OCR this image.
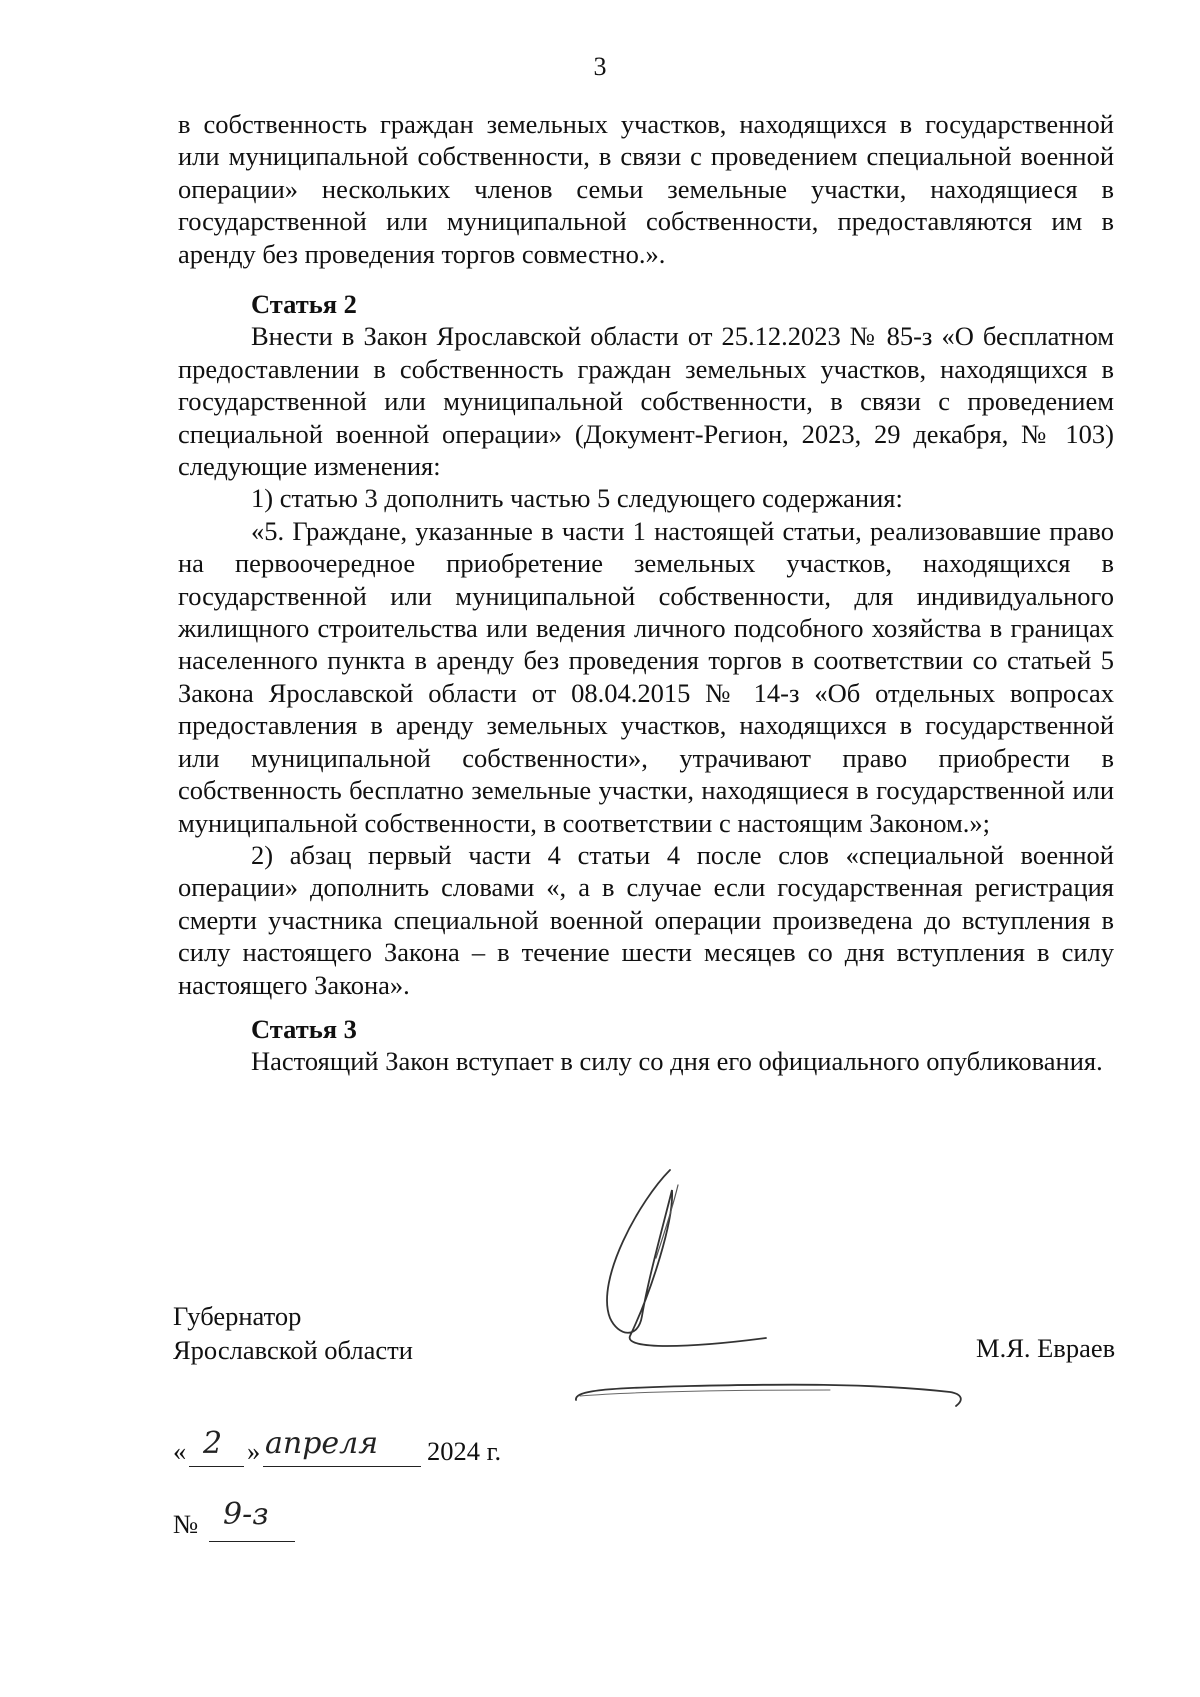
3

в собственность граждан земельных участков, находящихся в государственной или муниципальной собственности, в связи с проведением специальной военной операции» нескольких членов семьи земельные участки, находящиеся в государственной или муниципальной собственности, предоставляются им в аренду без проведения торгов совместно.».

Статья 2

Внести в Закон Ярославской области от 25.12.2023 № 85-з «О бесплатном предоставлении в собственность граждан земельных участков, находящихся в государственной или муниципальной собственности, в связи с проведением специальной военной операции» (Документ-Регион, 2023, 29 декабря, № 103) следующие изменения:

1) статью 3 дополнить частью 5 следующего содержания:

«5. Граждане, указанные в части 1 настоящей статьи, реализовавшие право на первоочередное приобретение земельных участков, находящихся в государственной или муниципальной собственности, для индивидуального жилищного строительства или ведения личного подсобного хозяйства в границах населенного пункта в аренду без проведения торгов в соответствии со статьей 5 Закона Ярославской области от 08.04.2015 № 14-з «Об отдельных вопросах предоставления в аренду земельных участков, находящихся в государственной или муниципальной собственности», утрачивают право приобрести в собственность бесплатно земельные участки, находящиеся в государственной или муниципальной собственности, в соответствии с настоящим Законом.»;

2) абзац первый части 4 статьи 4 после слов «специальной военной операции» дополнить словами «, а в случае если государственная регистрация смерти участника специальной военной операции произведена до вступления в силу настоящего Закона – в течение шести месяцев со дня вступления в силу настоящего Закона».

Статья 3

Настоящий Закон вступает в силу со дня его официального опубликования.

Губернатор
Ярославской области	М.Я. Евраев
« 2 » апреля 2024 г.
№ 9-з
